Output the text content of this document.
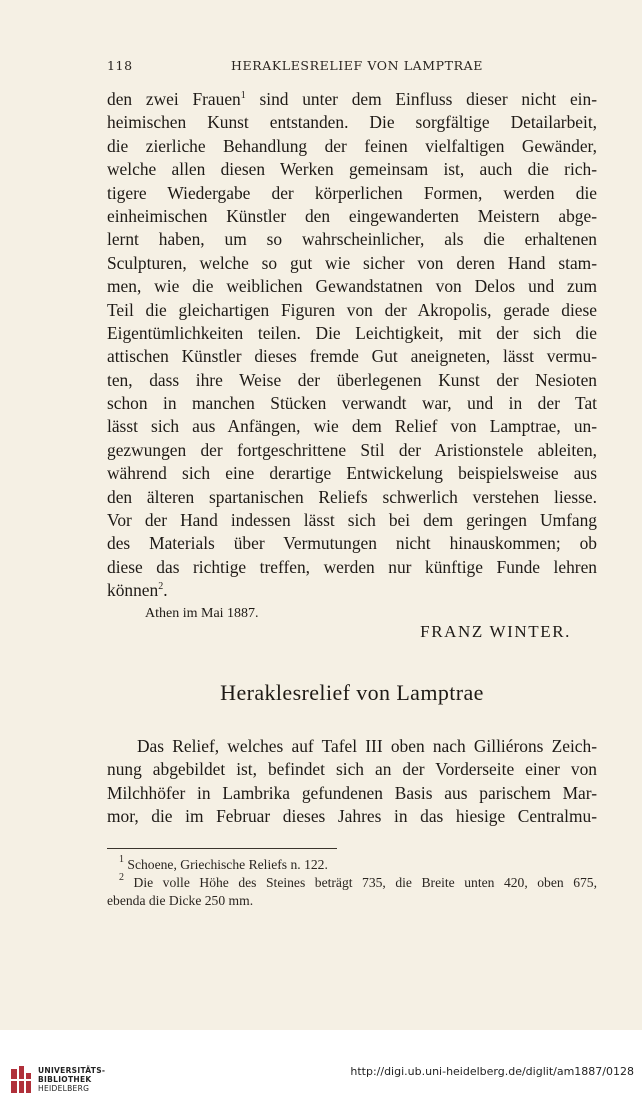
118	HERAKLESRELIEF VON LAMPTRAE
den zwei Frauen$^1$ sind unter dem Einfluss dieser nicht ein-
heimischen Kunst entstanden. Die sorgfältige Detailarbeit,
die zierliche Behandlung der feinen vielfaltigen Gewänder,
welche allen diesen Werken gemeinsam ist, auch die rich-
tigere Wiedergabe der körperlichen Formen, werden die
einheimischen Künstler den eingewanderten Meistern abge-
lernt haben, um so wahrscheinlicher, als die erhaltenen
Sculpturen, welche so gut wie sicher von deren Hand stam-
men, wie die weiblichen Gewandstatnen von Delos und zum
Teil die gleichartigen Figuren von der Akropolis, gerade diese
Eigentümlichkeiten teilen. Die Leichtigkeit, mit der sich die
attischen Künstler dieses fremde Gut aneigneten, lässt vermu-
ten, dass ihre Weise der überlegenen Kunst der Nesioten
schon in manchen Stücken verwandt war, und in der Tat
lässt sich aus Anfängen, wie dem Relief von Lamptrae, un-
gezwungen der fortgeschrittene Stil der Aristionstele ableiten,
während sich eine derartige Entwickelung beispielsweise aus
den älteren spartanischen Reliefs schwerlich verstehen liesse.
Vor der Hand indessen lässt sich bei dem geringen Umfang
des Materials über Vermutungen nicht hinauskommen; ob
diese das richtige treffen, werden nur künftige Funde lehren
können$^2$.
Athen im Mai 1887.
FRANZ WINTER.
Heraklesrelief von Lamptrae
Das Relief, welches auf Tafel III oben nach Gilliérons Zeich-
nung abgebildet ist, befindet sich an der Vorderseite einer von
Milchhöfer in Lambrika gefundenen Basis aus parischem Mar-
mor, die im Februar dieses Jahres in das hiesige Centralmu-
$^1$ Schoene, Griechische Reliefs n. 122.
$^2$ Die volle Höhe des Steines beträgt 735, die Breite unten 420, oben 675,
ebenda die Dicke 250 mm.
UNIVERSITÄTS-
BIBLIOTHEK
HEIDELBERG
http://digi.ub.uni-heidelberg.de/diglit/am1887/0128
